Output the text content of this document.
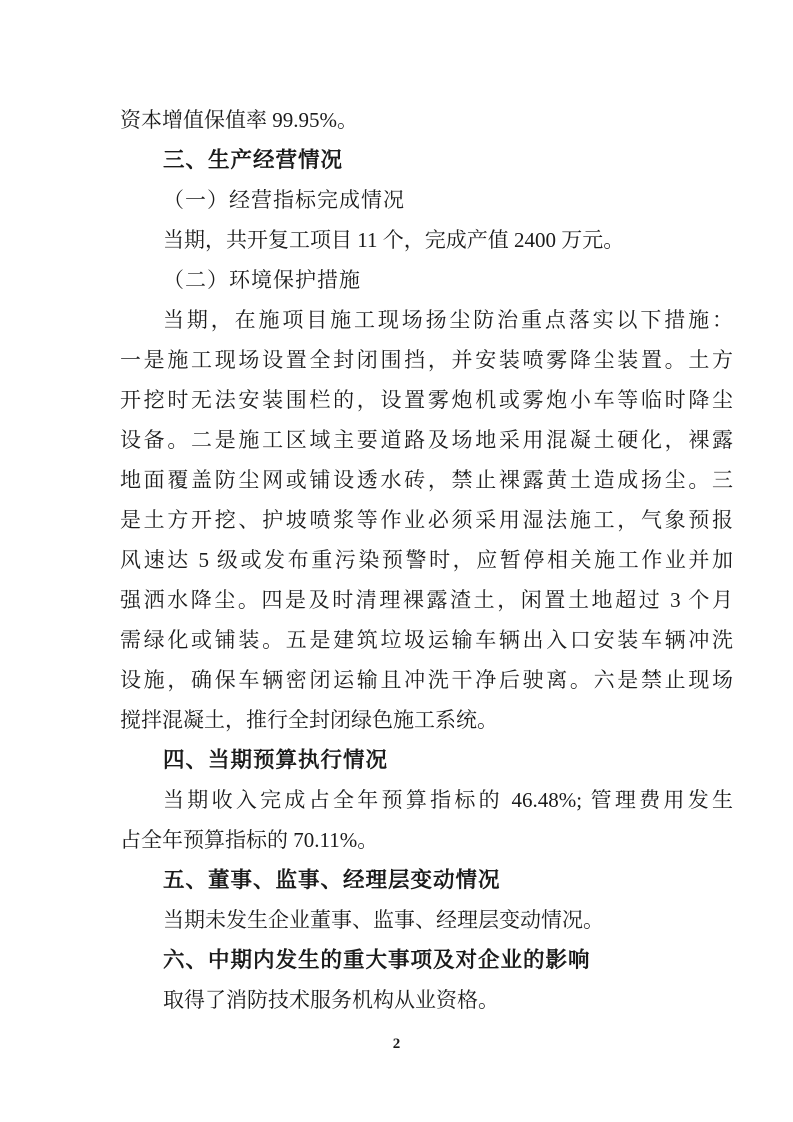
资本增值保值率 99.95%。
三、生产经营情况
（一）经营指标完成情况
当期，共开复工项目 11 个，完成产值 2400 万元。
（二）环境保护措施
当期，在施项目施工现场扬尘防治重点落实以下措施：
一是施工现场设置全封闭围挡，并安装喷雾降尘装置。土方
开挖时无法安装围栏的，设置雾炮机或雾炮小车等临时降尘
设备。二是施工区域主要道路及场地采用混凝土硬化，裸露
地面覆盖防尘网或铺设透水砖，禁止裸露黄土造成扬尘。三
是土方开挖、护坡喷浆等作业必须采用湿法施工，气象预报
风速达 5 级或发布重污染预警时，应暂停相关施工作业并加
强洒水降尘。四是及时清理裸露渣土，闲置土地超过 3 个月
需绿化或铺装。五是建筑垃圾运输车辆出入口安装车辆冲洗
设施，确保车辆密闭运输且冲洗干净后驶离。六是禁止现场
搅拌混凝土，推行全封闭绿色施工系统。
四、当期预算执行情况
当期收入完成占全年预算指标的 46.48%; 管理费用发生
占全年预算指标的 70.11%。
五、董事、监事、经理层变动情况
当期未发生企业董事、监事、经理层变动情况。
六、中期内发生的重大事项及对企业的影响
取得了消防技术服务机构从业资格。
2
